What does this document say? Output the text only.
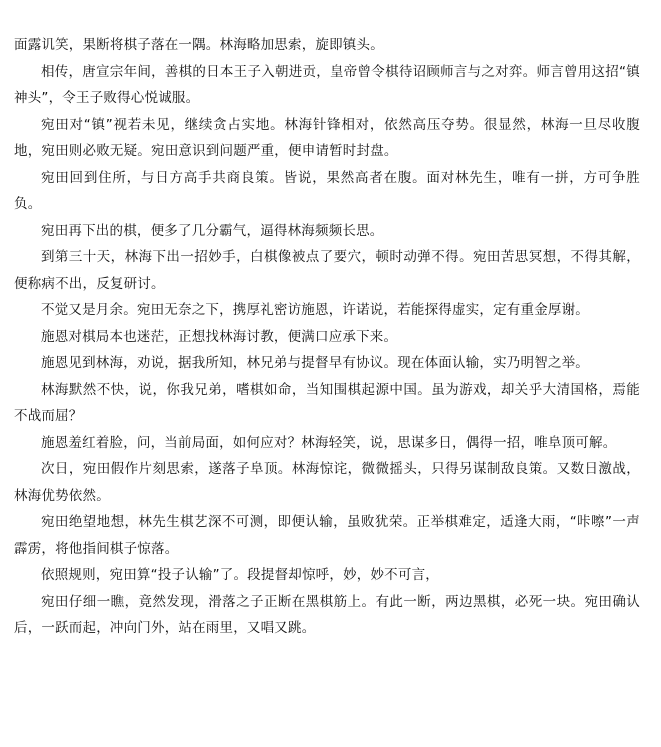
面露讥笑，果断将棋子落在一隅。林海略加思索，旋即镇头。

相传，唐宣宗年间，善棋的日本王子入朝进贡，皇帝曾令棋待诏顾师言与之对弈。师言曾用这招“镇神头”，令王子败得心悦诚服。

宛田对“镇”视若未见，继续贪占实地。林海针锋相对，依然高压夺势。很显然，林海一旦尽收腹地，宛田则必败无疑。宛田意识到问题严重，便申请暂时封盘。

宛田回到住所，与日方高手共商良策。皆说，果然高者在腹。面对林先生，唯有一拼，方可争胜负。

宛田再下出的棋，便多了几分霸气，逼得林海频频长思。

到第三十天，林海下出一招妙手，白棋像被点了要穴，顿时动弹不得。宛田苦思冥想，不得其解，便称病不出，反复研讨。

不觉又是月余。宛田无奈之下，携厚礼密访施恩，许诺说，若能探得虚实，定有重金厚谢。

施恩对棋局本也迷茫，正想找林海讨教，便满口应承下来。

施恩见到林海，劝说，据我所知，林兄弟与提督早有协议。现在体面认输，实乃明智之举。

林海默然不快，说，你我兄弟，嗜棋如命，当知围棋起源中国。虽为游戏，却关乎大清国格，焉能不战而屈？

施恩羞红着脸，问，当前局面，如何应对？林海轻笑，说，思谋多日，偶得一招，唯阜顶可解。

次日，宛田假作片刻思索，遂落子阜顶。林海惊诧，微微摇头，只得另谋制敌良策。又数日激战，林海优势依然。

宛田绝望地想，林先生棋艺深不可测，即便认输，虽败犹荣。正举棋难定，适逢大雨，“咔嚓”一声霹雳，将他指间棋子惊落。

依照规则，宛田算“投子认输”了。段提督却惊呼，妙，妙不可言，

宛田仔细一瞧，竟然发现，滑落之子正断在黑棋筋上。有此一断，两边黑棋，必死一块。宛田确认后，一跃而起，冲向门外，站在雨里，又唱又跳。
